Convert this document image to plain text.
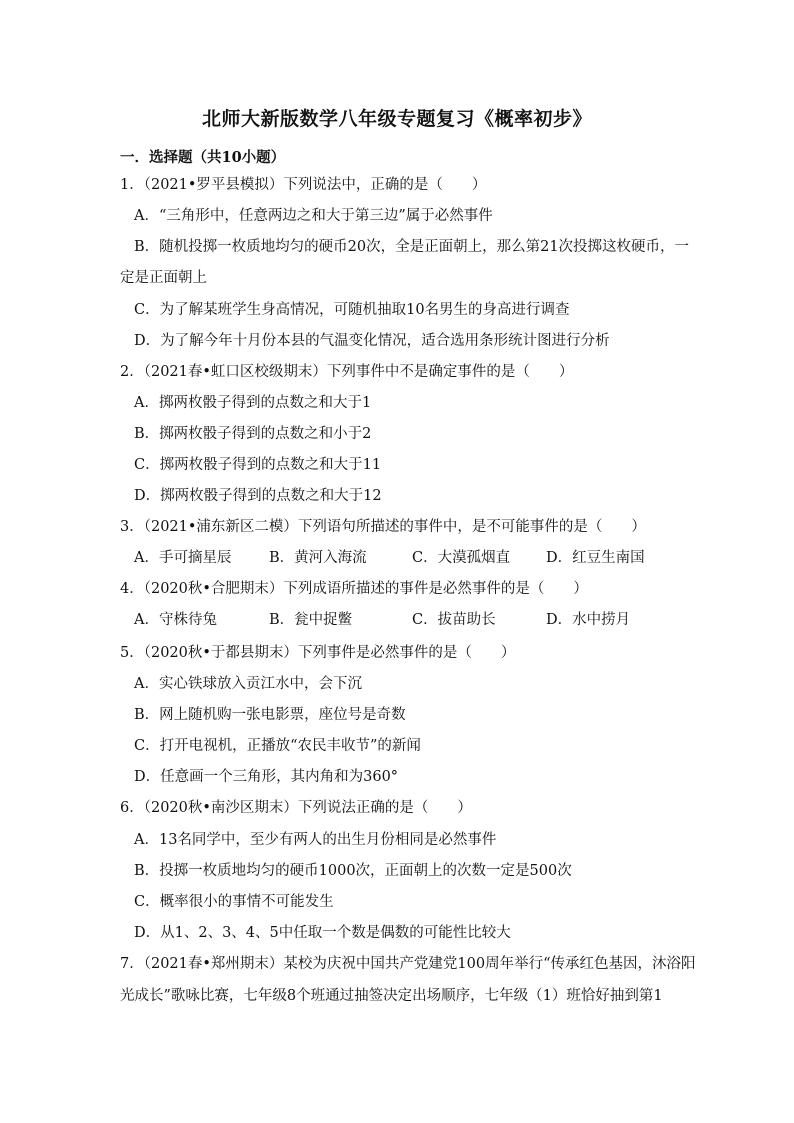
北师大新版数学八年级专题复习《概率初步》
一．选择题（共10小题）
1．（2021•罗平县模拟）下列说法中，正确的是（　　）
A．“三角形中，任意两边之和大于第三边”属于必然事件
B．随机投掷一枚质地均匀的硬币20次，全是正面朝上，那么第21次投掷这枚硬币，一
定是正面朝上
C．为了解某班学生身高情况，可随机抽取10名男生的身高进行调查
D．为了解今年十月份本县的气温变化情况，适合选用条形统计图进行分析
2．（2021春•虹口区校级期末）下列事件中不是确定事件的是（　　）
A．掷两枚骰子得到的点数之和大于1
B．掷两枚骰子得到的点数之和小于2
C．掷两枚骰子得到的点数之和大于11
D．掷两枚骰子得到的点数之和大于12
3．（2021•浦东新区二模）下列语句所描述的事件中，是不可能事件的是（　　）
A．手可摘星辰	B．黄河入海流	C．大漠孤烟直 D．红豆生南国
4．（2020秋•合肥期末）下列成语所描述的事件是必然事件的是（　　）
A．守株待兔	B．瓮中捉鳖	C．拔苗助长	D．水中捞月
5．（2020秋•于都县期末）下列事件是必然事件的是（　　）
A．实心铁球放入贡江水中，会下沉
B．网上随机购一张电影票，座位号是奇数
C．打开电视机，正播放“农民丰收节”的新闻
D．任意画一个三角形，其内角和为360°
6．（2020秋•南沙区期末）下列说法正确的是（　　）
A．13名同学中，至少有两人的出生月份相同是必然事件
B．投掷一枚质地均匀的硬币1000次，正面朝上的次数一定是500次
C．概率很小的事情不可能发生
D．从1、2、3、4、5中任取一个数是偶数的可能性比较大
7．（2021春•郑州期末）某校为庆祝中国共产党建党100周年举行“传承红色基因，沐浴阳
光成长”歌咏比赛，七年级8个班通过抽签决定出场顺序，七年级（1）班恰好抽到第1
